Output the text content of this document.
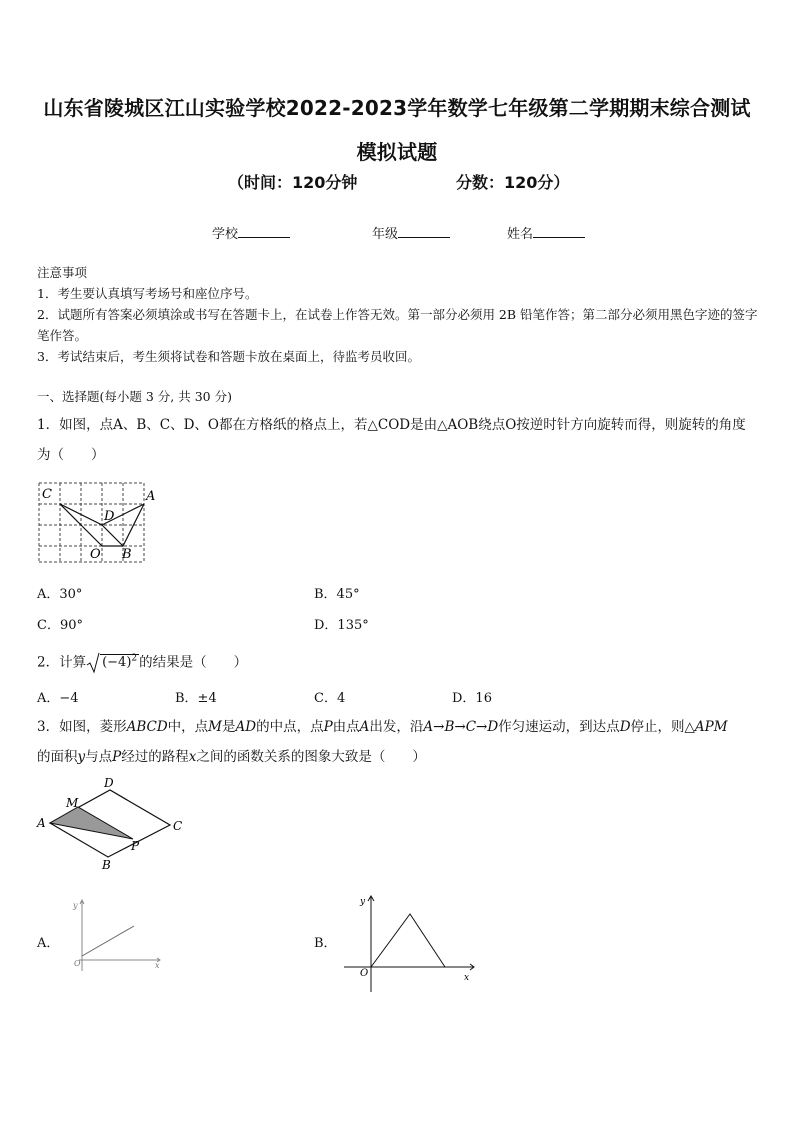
山东省陵城区江山实验学校2022-2023学年数学七年级第二学期期末综合测试模拟试题
（时间：120分钟	分数：120分）
学校	年级	姓名
注意事项
1．考生要认真填写考场号和座位序号。
2．试题所有答案必须填涂或书写在答题卡上，在试卷上作答无效。第一部分必须用 2B 铅笔作答；第二部分必须用黑色字迹的签字笔作答。
3．考试结束后，考生须将试卷和答题卡放在桌面上，待监考员收回。
一、选择题(每小题 3 分, 共 30 分)
1．如图，点A、B、C、D、O都在方格纸的格点上，若△COD是由△AOB绕点O按逆时针方向旋转而得，则旋转的角度为（　　）
C	A
D
O B
A．30°	B．45°
C．90°	D．135°
2．计算 $(-4)^2$ 的结果是（　　）
A．−4	B．±4	C．4	D．16
3．如图，菱形ABCD中，点M是AD的中点，点P由点A出发，沿A→B→C→D作匀速运动，到达点D停止，则△APM
的面积y与点P经过的路程x之间的函数关系的图象大致是（　　）
D
M
A	C
P
B
A．
y
O	x
B．
y
O	x
